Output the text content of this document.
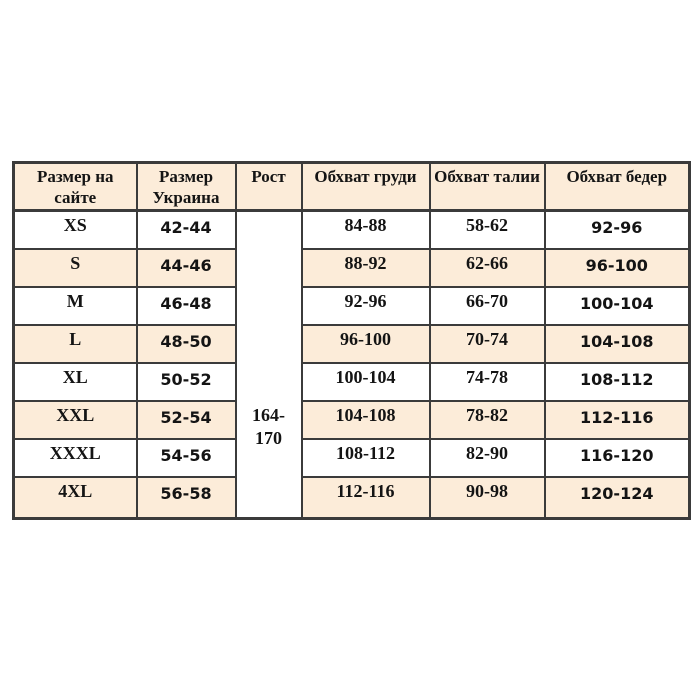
Размер на сайте	Размер Украина	Рост	Обхват груди	Обхват талии	Обхват бедер
XS	42-44	164-170	84-88	58-62	92-96
S	44-46		88-92	62-66	96-100
M	46-48		92-96	66-70	100-104
L	48-50		96-100	70-74	104-108
XL	50-52		100-104	74-78	108-112
XXL	52-54		104-108	78-82	112-116
XXXL	54-56		108-112	82-90	116-120
4XL	56-58		112-116	90-98	120-124
